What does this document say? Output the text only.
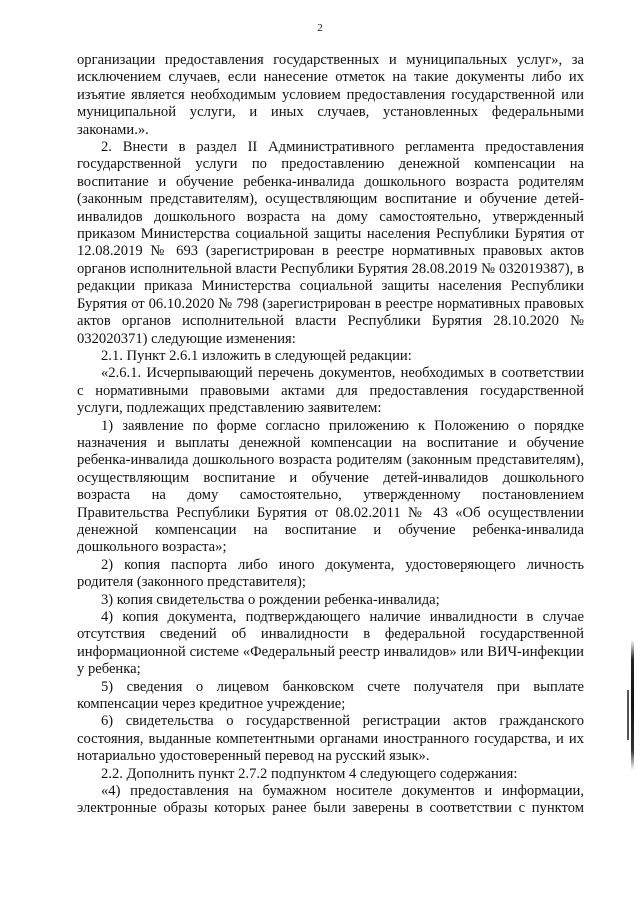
2

организации предоставления государственных и муниципальных услуг», за исключением случаев, если нанесение отметок на такие документы либо их изъятие является необходимым условием предоставления государственной или муниципальной услуги, и иных случаев, установленных федеральными законами.».

2. Внести в раздел II Административного регламента предоставления государственной услуги по предоставлению денежной компенсации на воспитание и обучение ребенка-инвалида дошкольного возраста родителям (законным представителям), осуществляющим воспитание и обучение детей-инвалидов дошкольного возраста на дому самостоятельно, утвержденный приказом Министерства социальной защиты населения Республики Бурятия от 12.08.2019 № 693 (зарегистрирован в реестре нормативных правовых актов органов исполнительной власти Республики Бурятия 28.08.2019 № 032019387), в редакции приказа Министерства социальной защиты населения Республики Бурятия от 06.10.2020 № 798 (зарегистрирован в реестре нормативных правовых актов органов исполнительной власти Республики Бурятия 28.10.2020 № 032020371) следующие изменения:

2.1. Пункт 2.6.1 изложить в следующей редакции:

«2.6.1. Исчерпывающий перечень документов, необходимых в соответствии с нормативными правовыми актами для предоставления государственной услуги, подлежащих представлению заявителем:

1) заявление по форме согласно приложению к Положению о порядке назначения и выплаты денежной компенсации на воспитание и обучение ребенка-инвалида дошкольного возраста родителям (законным представителям), осуществляющим воспитание и обучение детей-инвалидов дошкольного возраста на дому самостоятельно, утвержденному постановлением Правительства Республики Бурятия от 08.02.2011 № 43 «Об осуществлении денежной компенсации на воспитание и обучение ребенка-инвалида дошкольного возраста»;

2) копия паспорта либо иного документа, удостоверяющего личность родителя (законного представителя);

3) копия свидетельства о рождении ребенка-инвалида;

4) копия документа, подтверждающего наличие инвалидности в случае отсутствия сведений об инвалидности в федеральной государственной информационной системе «Федеральный реестр инвалидов» или ВИЧ-инфекции у ребенка;

5) сведения о лицевом банковском счете получателя при выплате компенсации через кредитное учреждение;

6) свидетельства о государственной регистрации актов гражданского состояния, выданные компетентными органами иностранного государства, и их нотариально удостоверенный перевод на русский язык».

2.2. Дополнить пункт 2.7.2 подпунктом 4 следующего содержания:

«4) предоставления на бумажном носителе документов и информации, электронные образы которых ранее были заверены в соответствии с пунктом
